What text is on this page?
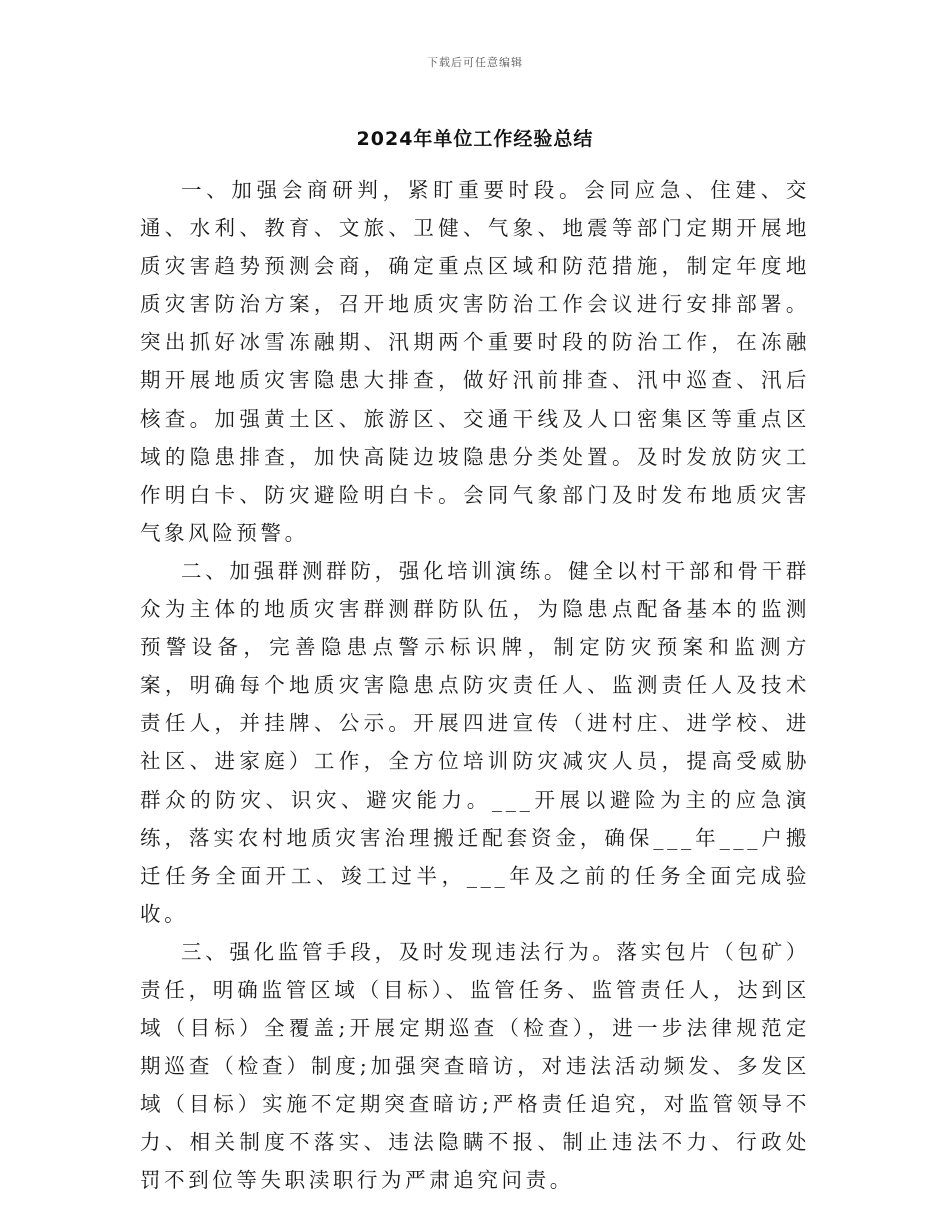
下载后可任意编辑
2024年单位工作经验总结

一、加强会商研判，紧盯重要时段。会同应急、住建、交通、水利、教育、文旅、卫健、气象、地震等部门定期开展地质灾害趋势预测会商，确定重点区域和防范措施，制定年度地质灾害防治方案，召开地质灾害防治工作会议进行安排部署。突出抓好冰雪冻融期、汛期两个重要时段的防治工作，在冻融期开展地质灾害隐患大排查，做好汛前排查、汛中巡查、汛后核查。加强黄土区、旅游区、交通干线及人口密集区等重点区域的隐患排查，加快高陡边坡隐患分类处置。及时发放防灾工作明白卡、防灾避险明白卡。会同气象部门及时发布地质灾害气象风险预警。

二、加强群测群防，强化培训演练。健全以村干部和骨干群众为主体的地质灾害群测群防队伍，为隐患点配备基本的监测预警设备，完善隐患点警示标识牌，制定防灾预案和监测方案，明确每个地质灾害隐患点防灾责任人、监测责任人及技术责任人，并挂牌、公示。开展四进宣传（进村庄、进学校、进社区、进家庭）工作，全方位培训防灾减灾人员，提高受威胁群众的防灾、识灾、避灾能力。___开展以避险为主的应急演练，落实农村地质灾害治理搬迁配套资金，确保___年___户搬迁任务全面开工、竣工过半，___年及之前的任务全面完成验收。

三、强化监管手段，及时发现违法行为。落实包片（包矿）责任，明确监管区域（目标）、监管任务、监管责任人，达到区域（目标）全覆盖;开展定期巡查（检查），进一步法律规范定期巡查（检查）制度;加强突查暗访，对违法活动频发、多发区域（目标）实施不定期突查暗访;严格责任追究，对监管领导不力、相关制度不落实、违法隐瞒不报、制止违法不力、行政处罚不到位等失职渎职行为严肃追究问责。
